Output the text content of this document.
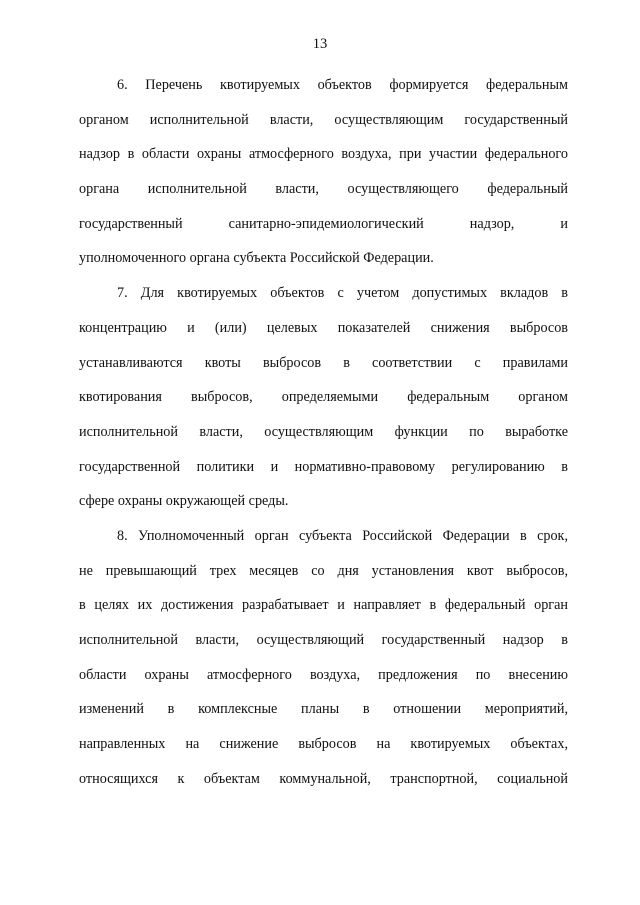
13
6. Перечень квотируемых объектов формируется федеральным
органом исполнительной власти, осуществляющим государственный
надзор в области охраны атмосферного воздуха, при участии федерального
органа исполнительной власти, осуществляющего федеральный
государственный санитарно-эпидемиологический надзор, и
уполномоченного органа субъекта Российской Федерации.
7. Для квотируемых объектов с учетом допустимых вкладов в
концентрацию и (или) целевых показателей снижения выбросов
устанавливаются квоты выбросов в соответствии с правилами
квотирования выбросов, определяемыми федеральным органом
исполнительной власти, осуществляющим функции по выработке
государственной политики и нормативно-правовому регулированию в
сфере охраны окружающей среды.
8. Уполномоченный орган субъекта Российской Федерации в срок,
не превышающий трех месяцев со дня установления квот выбросов,
в целях их достижения разрабатывает и направляет в федеральный орган
исполнительной власти, осуществляющий государственный надзор в
области охраны атмосферного воздуха, предложения по внесению
изменений в комплексные планы в отношении мероприятий,
направленных на снижение выбросов на квотируемых объектах,
относящихся к объектам коммунальной, транспортной, социальной
